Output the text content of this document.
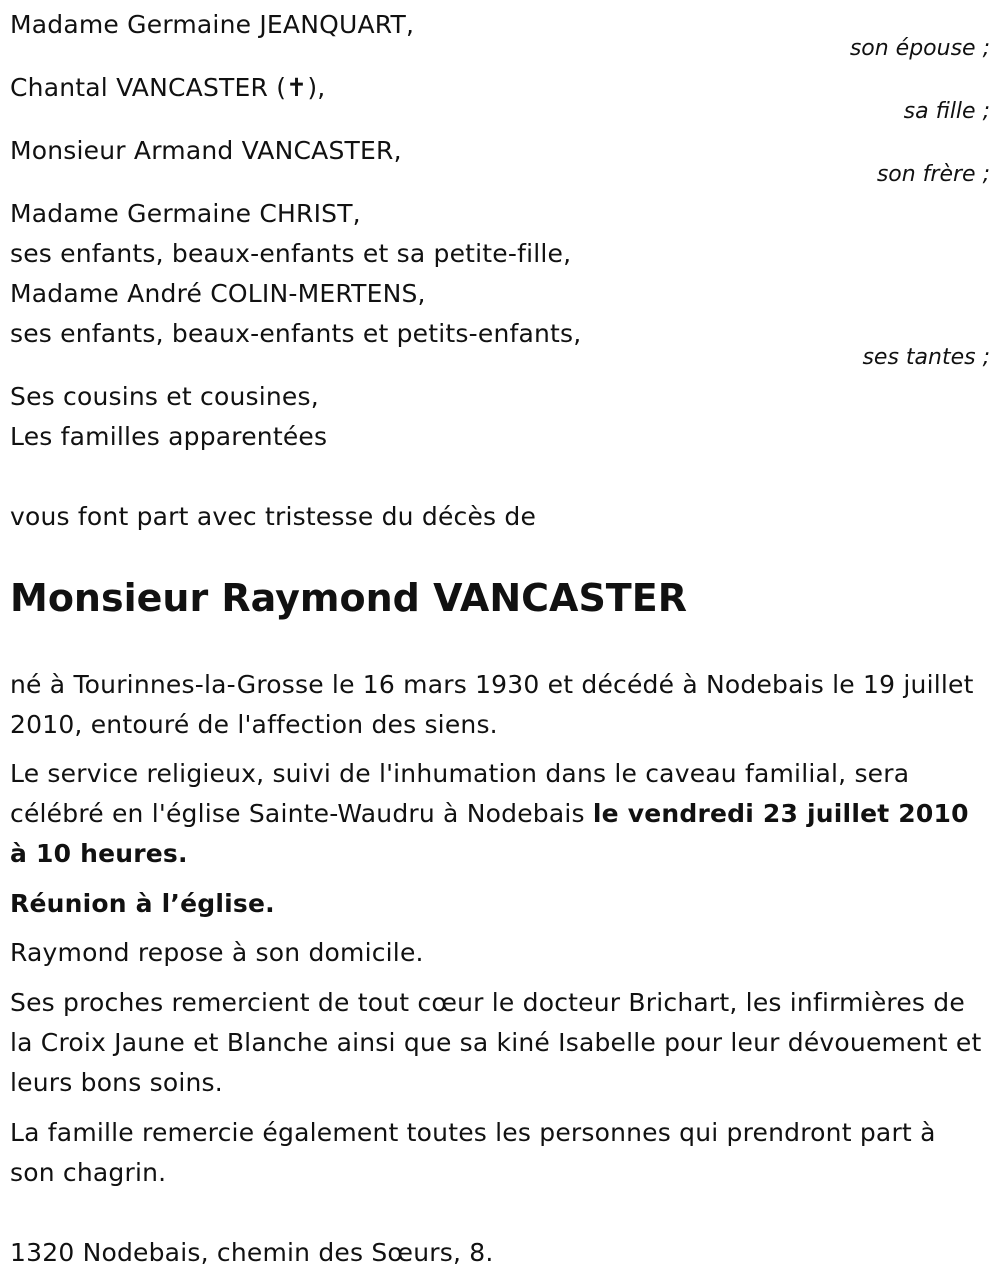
Madame Germaine JEANQUART,
son épouse ;
Chantal VANCASTER (✝),
sa fille ;
Monsieur Armand VANCASTER,
son frère ;
Madame Germaine CHRIST,
ses enfants, beaux-enfants et sa petite-fille,
Madame André COLIN-MERTENS,
ses enfants, beaux-enfants et petits-enfants,
ses tantes ;
Ses cousins et cousines,
Les familles apparentées
vous font part avec tristesse du décès de
Monsieur Raymond VANCASTER
né à Tourinnes-la-Grosse le 16 mars 1930 et décédé à Nodebais le 19 juillet 2010, entouré de l'affection des siens.
Le service religieux, suivi de l'inhumation dans le caveau familial, sera célébré en l'église Sainte-Waudru à Nodebais le vendredi 23 juillet 2010 à 10 heures.
Réunion à l’église.
Raymond repose à son domicile.
Ses proches remercient de tout cœur le docteur Brichart, les infirmières de la Croix Jaune et Blanche ainsi que sa kiné Isabelle pour leur dévouement et leurs bons soins.
La famille remercie également toutes les personnes qui prendront part à son chagrin.
1320 Nodebais, chemin des Sœurs, 8.
